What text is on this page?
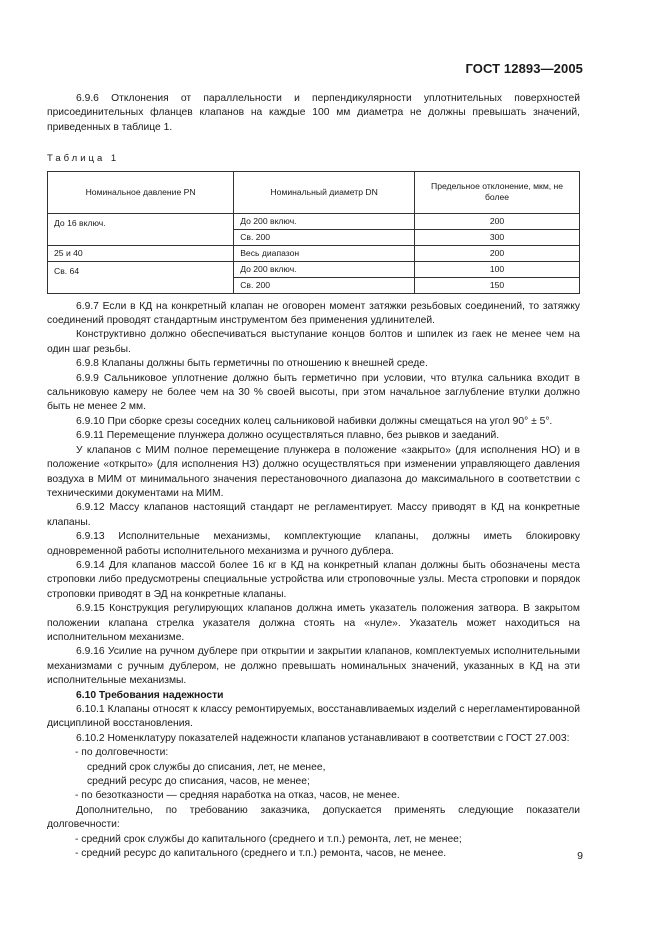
ГОСТ 12893—2005

6.9.6 Отклонения от параллельности и перпендикулярности уплотнительных поверхностей присоединительных фланцев клапанов на каждые 100 мм диаметра не должны превышать значений, приведенных в таблице 1.

Таблица 1
Номинальное давление PN	Номинальный диаметр DN	Предельное отклонение, мкм, не более
До 16 включ.	До 200 включ.	200
	Св. 200	300
25 и 40	Весь диапазон	200
Св. 64	До 200 включ.	100
	Св. 200	150

6.9.7 Если в КД на конкретный клапан не оговорен момент затяжки резьбовых соединений, то затяжку соединений проводят стандартным инструментом без применения удлинителей.

Конструктивно должно обеспечиваться выступание концов болтов и шпилек из гаек не менее чем на один шаг резьбы.

6.9.8 Клапаны должны быть герметичны по отношению к внешней среде.

6.9.9 Сальниковое уплотнение должно быть герметично при условии, что втулка сальника входит в сальниковую камеру не более чем на 30 % своей высоты, при этом начальное заглубление втулки должно быть не менее 2 мм.

6.9.10 При сборке срезы соседних колец сальниковой набивки должны смещаться на угол 90° ± 5°.

6.9.11 Перемещение плунжера должно осуществляться плавно, без рывков и заеданий.

У клапанов с МИМ полное перемещение плунжера в положение «закрыто» (для исполнения НО) и в положение «открыто» (для исполнения НЗ) должно осуществляться при изменении управляющего давления воздуха в МИМ от минимального значения перестановочного диапазона до максимального в соответствии с техническими документами на МИМ.

6.9.12 Массу клапанов настоящий стандарт не регламентирует. Массу приводят в КД на конкретные клапаны.

6.9.13 Исполнительные механизмы, комплектующие клапаны, должны иметь блокировку одновременной работы исполнительного механизма и ручного дублера.

6.9.14 Для клапанов массой более 16 кг в КД на конкретный клапан должны быть обозначены места строповки либо предусмотрены специальные устройства или строповочные узлы. Места строповки и порядок строповки приводят в ЭД на конкретные клапаны.

6.9.15 Конструкция регулирующих клапанов должна иметь указатель положения затвора. В закрытом положении клапана стрелка указателя должна стоять на «нуле». Указатель может находиться на исполнительном механизме.

6.9.16 Усилие на ручном дублере при открытии и закрытии клапанов, комплектуемых исполнительными механизмами с ручным дублером, не должно превышать номинальных значений, указанных в КД на эти исполнительные механизмы.

6.10 Требования надежности

6.10.1 Клапаны относят к классу ремонтируемых, восстанавливаемых изделий с нерегламентированной дисциплиной восстановления.

6.10.2 Номенклатуру показателей надежности клапанов устанавливают в соответствии с ГОСТ 27.003:

- по долговечности:

средний срок службы до списания, лет, не менее,

средний ресурс до списания, часов, не менее;

- по безотказности — средняя наработка на отказ, часов, не менее.

Дополнительно, по требованию заказчика, допускается применять следующие показатели долговечности:

- средний срок службы до капитального (среднего и т.п.) ремонта, лет, не менее;

- средний ресурс до капитального (среднего и т.п.) ремонта, часов, не менее.	9
